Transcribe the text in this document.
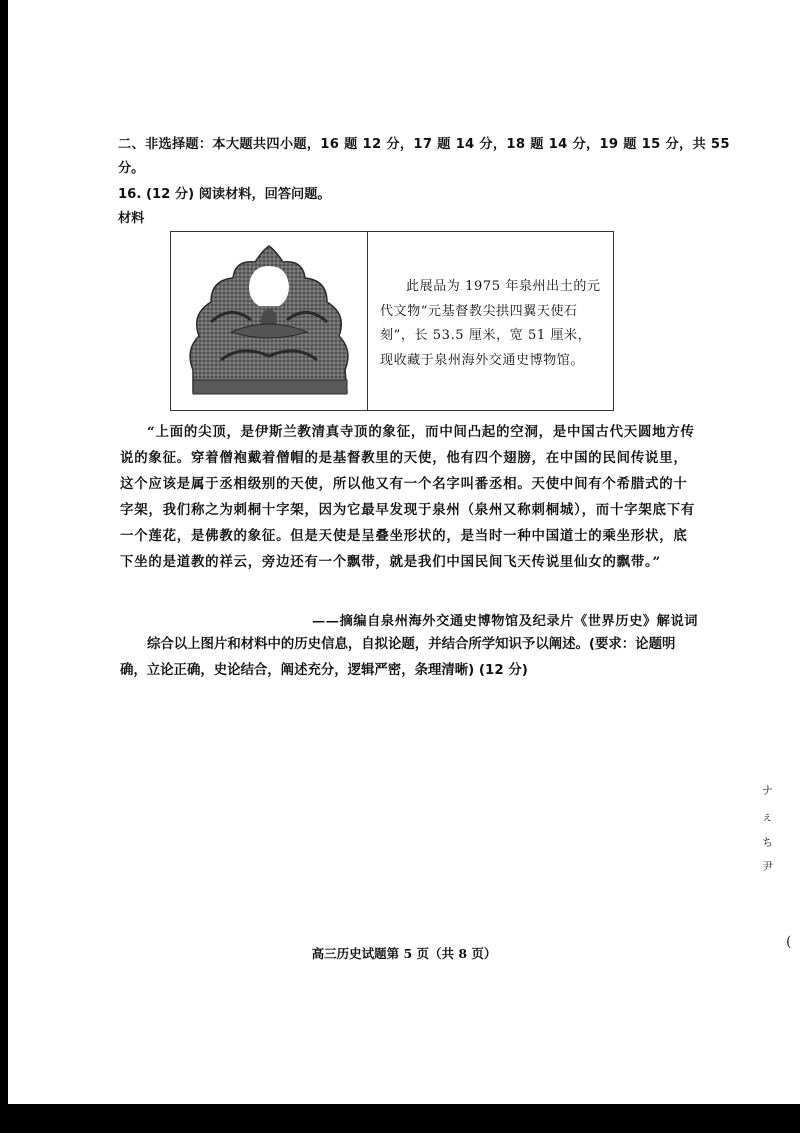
二、非选择题：本大题共四小题，16 题 12 分，17 题 14 分，18 题 14 分，19 题 15 分，共 55
分。
16. (12 分) 阅读材料，回答问题。
材料
此展品为 1975 年泉州出土的元代文物“元基督教尖拱四翼天使石刻”，长 53.5 厘米，宽 51 厘米，现收藏于泉州海外交通史博物馆。
“上面的尖顶，是伊斯兰教清真寺顶的象征，而中间凸起的空洞，是中国古代天圆地方传说的象征。穿着僧袍戴着僧帽的是基督教里的天使，他有四个翅膀，在中国的民间传说里，这个应该是属于丞相级别的天使，所以他又有一个名字叫番丞相。天使中间有个希腊式的十字架，我们称之为刺桐十字架，因为它最早发现于泉州（泉州又称刺桐城），而十字架底下有一个莲花，是佛教的象征。但是天使是呈叠坐形状的，是当时一种中国道士的乘坐形状，底下坐的是道教的祥云，旁边还有一个飘带，就是我们中国民间飞天传说里仙女的飘带。”
——摘编自泉州海外交通史博物馆及纪录片《世界历史》解说词
综合以上图片和材料中的历史信息，自拟论题，并结合所学知识予以阐述。(要求：论题明确，立论正确，史论结合，阐述充分，逻辑严密，条理清晰) (12 分)
ナ
ぇ
ち
尹
(
高三历史试题第 5 页（共 8 页）
